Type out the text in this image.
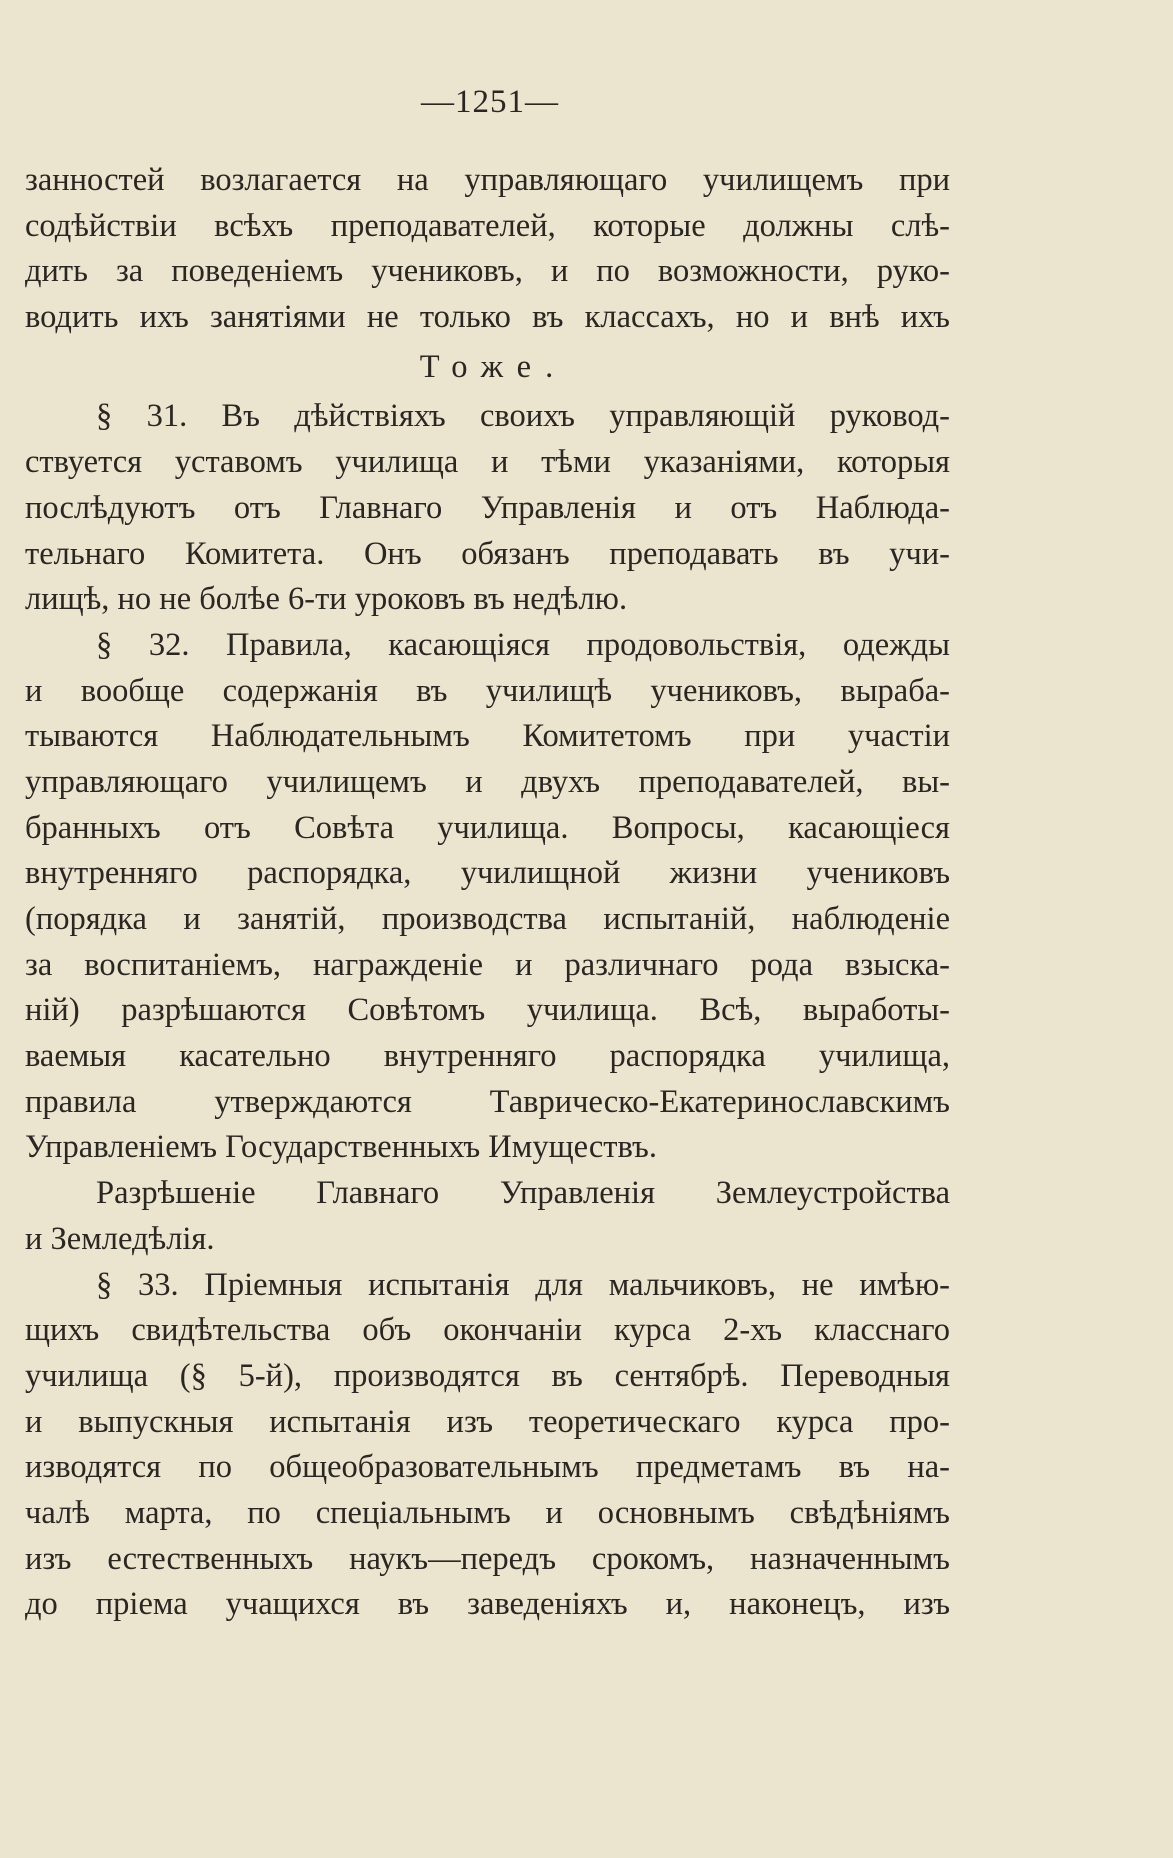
—1251—
занностей возлагается на управляющаго училищемъ при
содѣйствіи всѣхъ преподавателей, которые должны слѣ-
дить за поведеніемъ учениковъ, и по возможности, руко-
водить ихъ занятіями не только въ классахъ, но и внѣ ихъ
Тоже.
§ 31. Въ дѣйствіяхъ своихъ управляющій руковод-
ствуется уставомъ училища и тѣми указаніями, которыя
послѣдуютъ отъ Главнаго Управленія и отъ Наблюда-
тельнаго Комитета. Онъ обязанъ преподавать въ учи-
лищѣ, но не болѣе 6-ти уроковъ въ недѣлю.
§ 32. Правила, касающіяся продовольствія, одежды
и вообще содержанія въ училищѣ учениковъ, выраба-
тываются Наблюдательнымъ Комитетомъ при участіи
управляющаго училищемъ и двухъ преподавателей, вы-
бранныхъ отъ Совѣта училища. Вопросы, касающіеся
внутренняго распорядка, училищной жизни учениковъ
(порядка и занятій, производства испытаній, наблюденіе
за воспитаніемъ, награжденіе и различнаго рода взыска-
ній) разрѣшаются Совѣтомъ училища. Всѣ, выработы-
ваемыя касательно внутренняго распорядка училища,
правила утверждаются Таврическо-Екатеринославскимъ
Управленіемъ Государственныхъ Имуществъ.
Разрѣшеніе Главнаго Управленія Землеустройства
и Земледѣлія.
§ 33. Пріемныя испытанія для мальчиковъ, не имѣю-
щихъ свидѣтельства объ окончаніи курса 2-хъ класснаго
училища (§ 5-й), производятся въ сентябрѣ. Переводныя
и выпускныя испытанія изъ теоретическаго курса про-
изводятся по общеобразовательнымъ предметамъ въ на-
чалѣ марта, по спеціальнымъ и основнымъ свѣдѣніямъ
изъ естественныхъ наукъ—передъ срокомъ, назначеннымъ
до пріема учащихся въ заведеніяхъ и, наконецъ, изъ
